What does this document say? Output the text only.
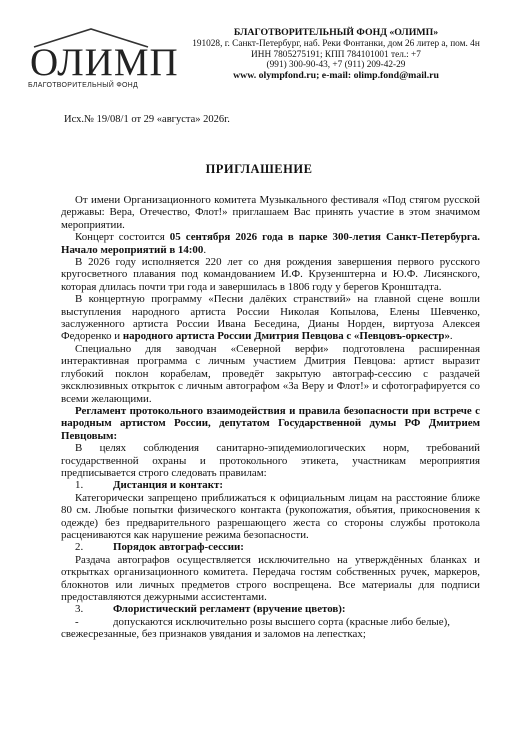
ОЛИМП
БЛАГОТВОРИТЕЛЬНЫЙ ФОНД
БЛАГОТВОРИТЕЛЬНЫЙ ФОНД «ОЛИМП»
191028, г. Санкт-Петербург, наб. Реки Фонтанки, дом 26 литер а, пом. 4н
ИНН 7805275191; КПП 784101001 тел.: +7
(991) 300-90-43, +7 (911) 209-42-29
www. olympfond.ru; e-mail: olimp.fond@mail.ru
Исх.№ 19/08/1 от 29 «августа» 2026г.
ПРИГЛАШЕНИЕ

От имени Организационного комитета Музыкального фестиваля «Под стягом русской державы: Вера, Отечество, Флот!» приглашаем Вас принять участие в этом значимом мероприятии.

Концерт состоится 05 сентября 2026 года в парке 300-летия Санкт-Петербурга. Начало мероприятий в 14:00.

В 2026 году исполняется 220 лет со дня рождения завершения первого русского кругосветного плавания под командованием И.Ф. Крузенштерна и Ю.Ф. Лисянского, которая длилась почти три года и завершилась в 1806 году у берегов Кронштадта.

В концертную программу «Песни далёких странствий» на главной сцене вошли выступления народного артиста России Николая Копылова, Елены Шевченко, заслуженного артиста России Ивана Беседина, Дианы Норден, виртуоза Алексея Федоренко и народного артиста России Дмитрия Певцова с «Певцовъ-оркестр».

Специально для заводчан «Северной верфи» подготовлена расширенная интерактивная программа с личным участием Дмитрия Певцова: артист выразит глубокий поклон корабелам, проведёт закрытую автограф-сессию с раздачей эксклюзивных открыток с личным автографом «За Веру и Флот!» и сфотографируется со всеми желающими.

Регламент протокольного взаимодействия и правила безопасности при встрече с народным артистом России, депутатом Государственной думы РФ Дмитрием Певцовым:

В целях соблюдения санитарно-эпидемиологических норм, требований государственной охраны и протокольного этикета, участникам мероприятия предписывается строго следовать правилам:

1.	Дистанция и контакт:

Категорически запрещено приближаться к официальным лицам на расстояние ближе 80 см. Любые попытки физического контакта (рукопожатия, объятия, прикосновения к одежде) без предварительного разрешающего жеста со стороны службы протокола расцениваются как нарушение режима безопасности.

2.	Порядок автограф-сессии:

Раздача автографов осуществляется исключительно на утверждённых бланках и открытках организационного комитета. Передача гостям собственных ручек, маркеров, блокнотов или личных предметов строго воспрещена. Все материалы для подписи предоставляются дежурными ассистентами.

3.	Флористический регламент (вручение цветов):
-	допускаются исключительно розы высшего сорта (красные либо белые),

свежесрезанные, без признаков увядания и заломов на лепестках;
